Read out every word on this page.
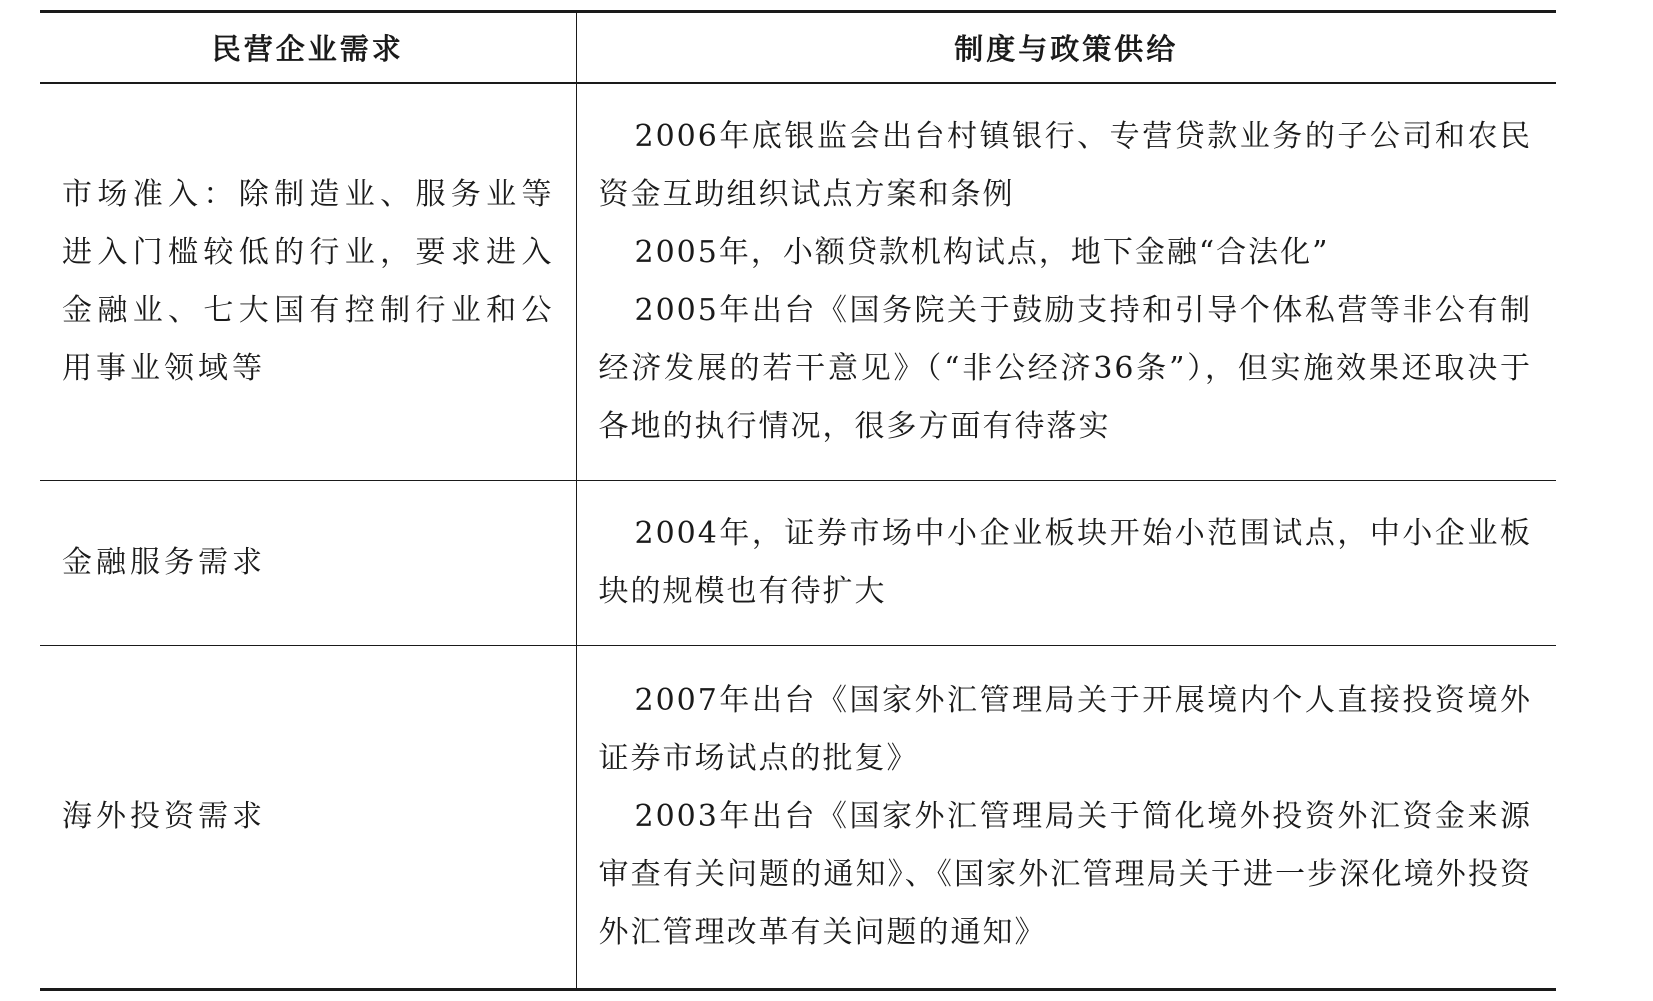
民营企业需求	制度与政策供给
市场准入：除制造业、服务业等进入门槛较低的行业，要求进入金融业、七大国有控制行业和公用事业领域等	2006年底银监会出台村镇银行、专营贷款业务的子公司和农民资金互助组织试点方案和条例
2005年，小额贷款机构试点，地下金融“合法化”
2005年出台《国务院关于鼓励支持和引导个体私营等非公有制经济发展的若干意见》（“非公经济36条”），但实施效果还取决于各地的执行情况，很多方面有待落实

金融服务需求	2004年，证券市场中小企业板块开始小范围试点，中小企业板块的规模也有待扩大

海外投资需求	2007年出台《国家外汇管理局关于开展境内个人直接投资境外证券市场试点的批复》
2003年出台《国家外汇管理局关于简化境外投资外汇资金来源审查有关问题的通知》、《国家外汇管理局关于进一步深化境外投资外汇管理改革有关问题的通知》
